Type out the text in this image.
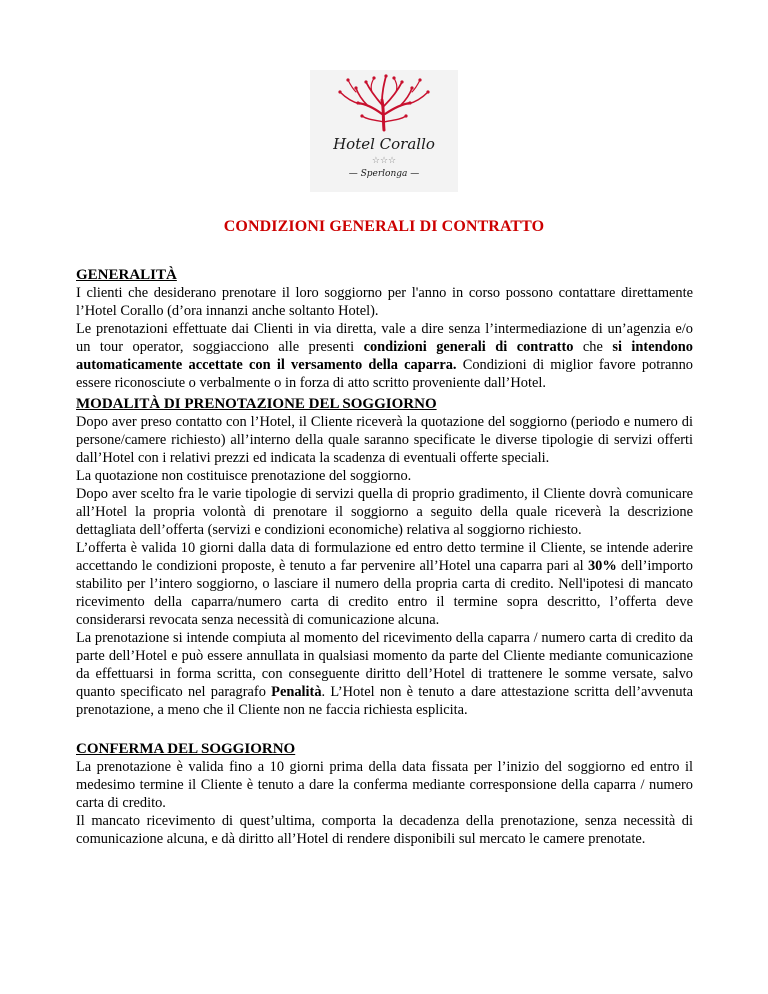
Hotel Corallo
☆☆☆
— Sperlonga —
CONDIZIONI GENERALI DI CONTRATTO

GENERALITÀ

I clienti che desiderano prenotare il loro soggiorno per l'anno in corso possono contattare direttamente l’Hotel Corallo (d’ora innanzi anche soltanto Hotel).

Le prenotazioni effettuate dai Clienti in via diretta, vale a dire senza l’intermediazione di un’agenzia e/o un tour operator, soggiacciono alle presenti condizioni generali di contratto che si intendono automaticamente accettate con il versamento della caparra. Condizioni di miglior favore potranno essere riconosciute o verbalmente o in forza di atto scritto proveniente dall’Hotel.

MODALITÀ DI PRENOTAZIONE DEL SOGGIORNO

Dopo aver preso contatto con l’Hotel, il Cliente riceverà la quotazione del soggiorno (periodo e numero di persone/camere richiesto) all’interno della quale saranno specificate le diverse tipologie di servizi offerti dall’Hotel con i relativi prezzi ed indicata la scadenza di eventuali offerte speciali.

La quotazione non costituisce prenotazione del soggiorno.

Dopo aver scelto fra le varie tipologie di servizi quella di proprio gradimento, il Cliente dovrà comunicare all’Hotel la propria volontà di prenotare il soggiorno a seguito della quale riceverà la descrizione dettagliata dell’offerta (servizi e condizioni economiche) relativa al soggiorno richiesto.

L’offerta è valida 10 giorni dalla data di formulazione ed entro detto termine il Cliente, se intende aderire accettando le condizioni proposte, è tenuto a far pervenire all’Hotel una caparra pari al 30% dell’importo stabilito per l’intero soggiorno, o lasciare il numero della propria carta di credito. Nell'ipotesi di mancato ricevimento della caparra/numero carta di credito entro il termine sopra descritto, l’offerta deve considerarsi revocata senza necessità di comunicazione alcuna.

La prenotazione si intende compiuta al momento del ricevimento della caparra / numero carta di credito da parte dell’Hotel e può essere annullata in qualsiasi momento da parte del Cliente mediante comunicazione da effettuarsi in forma scritta, con conseguente diritto dell’Hotel di trattenere le somme versate, salvo quanto specificato nel paragrafo Penalità. L’Hotel non è tenuto a dare attestazione scritta dell’avvenuta prenotazione, a meno che il Cliente non ne faccia richiesta esplicita.

CONFERMA DEL SOGGIORNO

La prenotazione è valida fino a 10 giorni prima della data fissata per l’inizio del soggiorno ed entro il medesimo termine il Cliente è tenuto a dare la conferma mediante corresponsione della caparra / numero carta di credito.

Il mancato ricevimento di quest’ultima, comporta la decadenza della prenotazione, senza necessità di comunicazione alcuna, e dà diritto all’Hotel di rendere disponibili sul mercato le camere prenotate.
